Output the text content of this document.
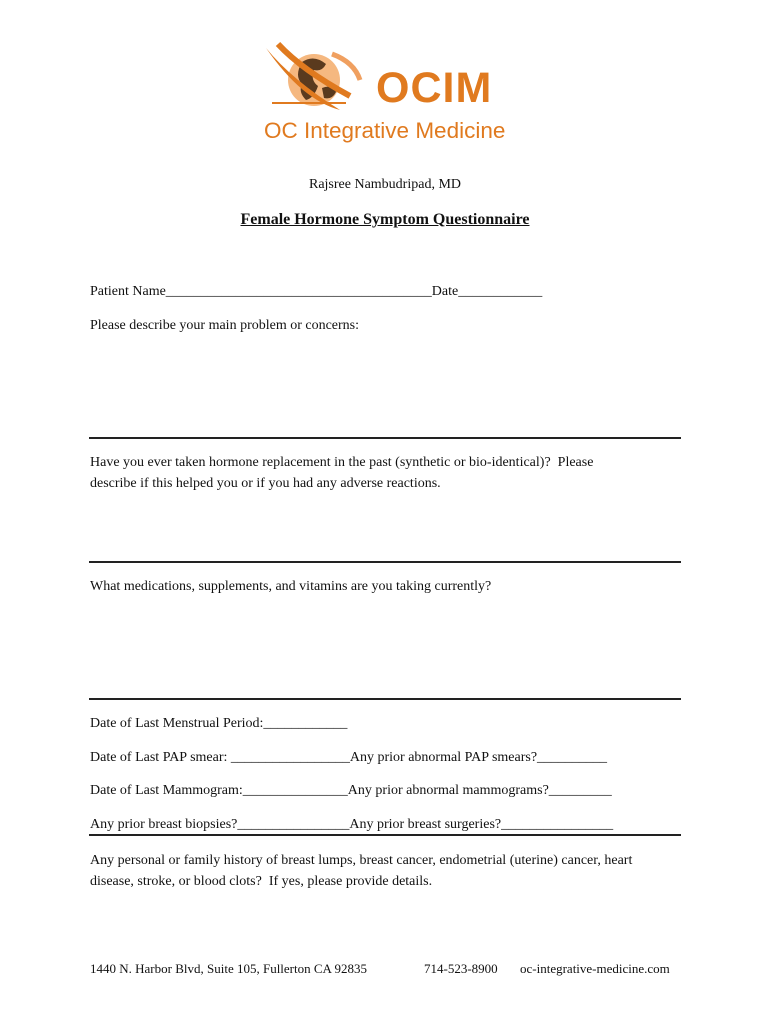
OCIM
OC Integrative Medicine
Rajsree Nambudripad, MD
Female Hormone Symptom Questionnaire
Patient Name______________________________________Date____________
Please describe your main problem or concerns:
Have you ever taken hormone replacement in the past (synthetic or bio-identical)?  Please
describe if this helped you or if you had any adverse reactions.
What medications, supplements, and vitamins are you taking currently?
Date of Last Menstrual Period:____________
Date of Last PAP smear: _________________Any prior abnormal PAP smears?__________
Date of Last Mammogram:_______________Any prior abnormal mammograms?_________
Any prior breast biopsies?________________Any prior breast surgeries?________________
Any personal or family history of breast lumps, breast cancer, endometrial (uterine) cancer, heart
disease, stroke, or blood clots?  If yes, please provide details.
1440 N. Harbor Blvd, Suite 105, Fullerton CA 92835	714-523-8900 oc-integrative-medicine.com
